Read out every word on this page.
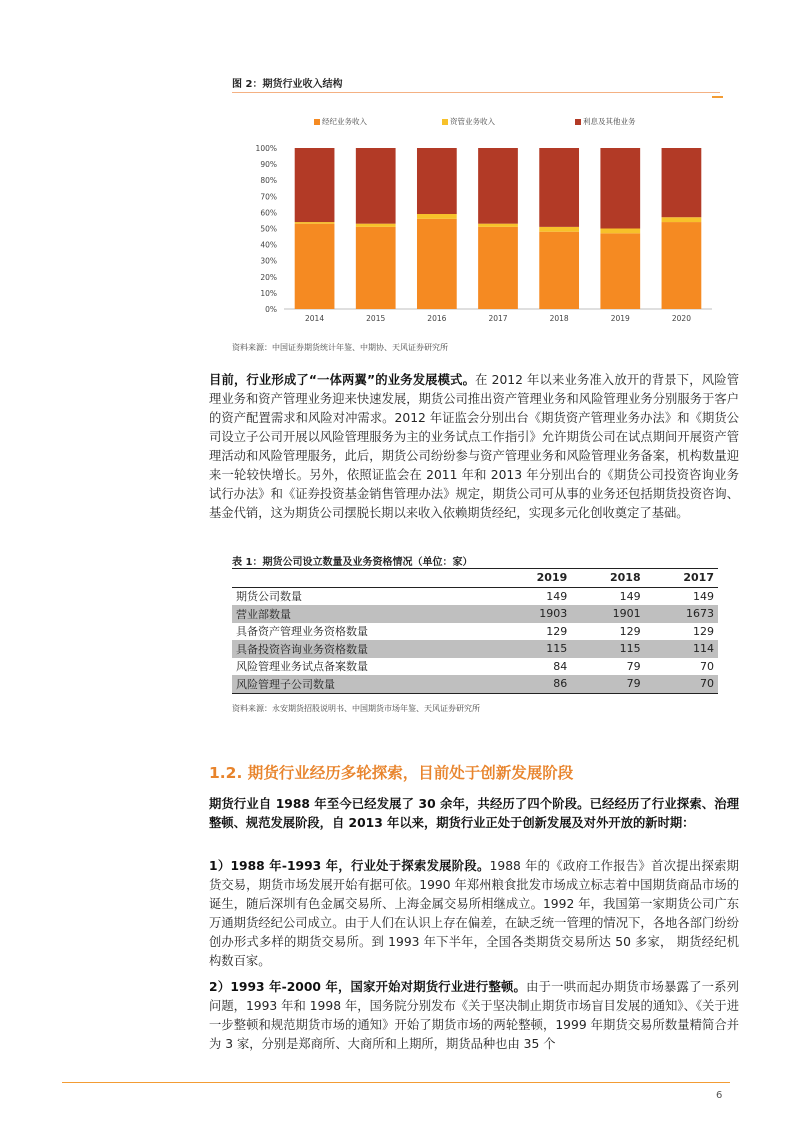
图 2：期货行业收入结构
经纪业务收入	资管业务收入	利息及其他业务
0%
10%
20%
30%
40%
50%
60%
70%
80%
90%
100%
2014	2015	2016	2017	2018	2019	2020
资料来源：中国证券期货统计年鉴、中期协、天风证券研究所

目前，行业形成了“一体两翼”的业务发展模式。在 2012 年以来业务准入放开的背景下，风险管理业务和资产管理业务迎来快速发展，期货公司推出资产管理业务和风险管理业务分别服务于客户的资产配置需求和风险对冲需求。2012 年证监会分别出台《期货资产管理业务办法》和《期货公司设立子公司开展以风险管理服务为主的业务试点工作指引》允许期货公司在试点期间开展资产管理活动和风险管理服务，此后，期货公司纷纷参与资产管理业务和风险管理业务备案，机构数量迎来一轮较快增长。另外，依照证监会在 2011 年和 2013 年分别出台的《期货公司投资咨询业务试行办法》和《证券投资基金销售管理办法》规定，期货公司可从事的业务还包括期货投资咨询、基金代销，这为期货公司摆脱长期以来收入依赖期货经纪，实现多元化创收奠定了基础。

表 1：期货公司设立数量及业务资格情况（单位：家）
	2019	2018	2017
期货公司数量	149	149	149
营业部数量	1903	1901	1673
具备资产管理业务资格数量	129	129	129
具备投资咨询业务资格数量	115	115	114
风险管理业务试点备案数量	84	79	70
风险管理子公司数量	86	79	70
资料来源：永安期货招股说明书、中国期货市场年鉴、天风证券研究所
1.2. 期货行业经历多轮探索，目前处于创新发展阶段

期货行业自 1988 年至今已经发展了 30 余年，共经历了四个阶段。已经经历了行业探索、治理整顿、规范发展阶段，自 2013 年以来，期货行业正处于创新发展及对外开放的新时期：

1）1988 年-1993 年，行业处于探索发展阶段。1988 年的《政府工作报告》首次提出探索期货交易，期货市场发展开始有据可依。1990 年郑州粮食批发市场成立标志着中国期货商品市场的诞生，随后深圳有色金属交易所、上海金属交易所相继成立。1992 年，我国第一家期货公司广东万通期货经纪公司成立。由于人们在认识上存在偏差，在缺乏统一管理的情况下，各地各部门纷纷创办形式多样的期货交易所。到 1993 年下半年，全国各类期货交易所达 50 多家， 期货经纪机构数百家。

2）1993 年-2000 年，国家开始对期货行业进行整顿。由于一哄而起办期货市场暴露了一系列问题，1993 年和 1998 年，国务院分别发布《关于坚决制止期货市场盲目发展的通知》、《关于进一步整顿和规范期货市场的通知》开始了期货市场的两轮整顿，1999 年期货交易所数量精简合并为 3 家，分别是郑商所、大商所和上期所，期货品种也由 35 个

6
